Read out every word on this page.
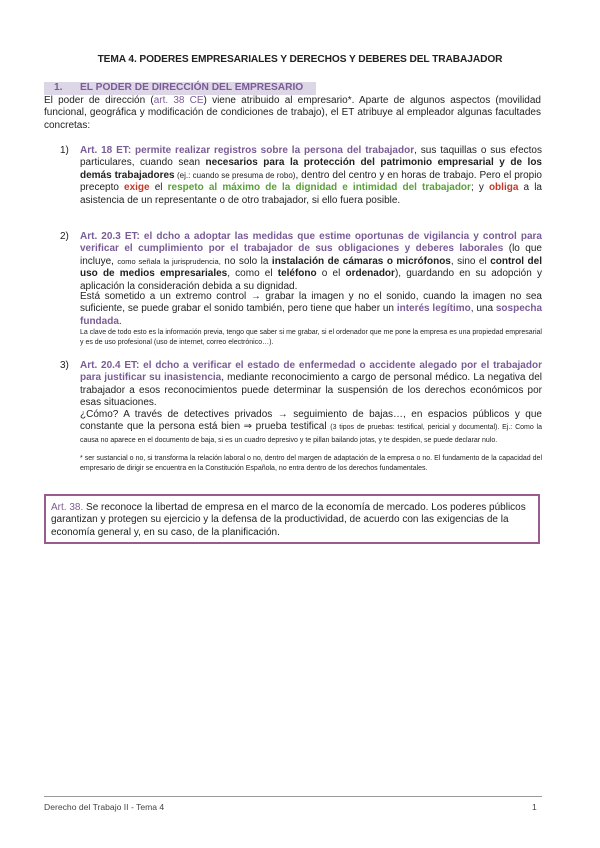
TEMA 4. PODERES EMPRESARIALES Y DERECHOS Y DEBERES DEL TRABAJADOR
1. EL PODER DE DIRECCIÓN DEL EMPRESARIO
El poder de dirección (art. 38 CE) viene atribuido al empresario*. Aparte de algunos aspectos (movilidad funcional, geográfica y modificación de condiciones de trabajo), el ET atribuye al empleador algunas facultades concretas:
1) Art. 18 ET: permite realizar registros sobre la persona del trabajador, sus taquillas o sus efectos particulares, cuando sean necesarios para la protección del patrimonio empresarial y de los demás trabajadores (ej.: cuando se presuma de robo), dentro del centro y en horas de trabajo. Pero el propio precepto exige el respeto al máximo de la dignidad e intimidad del trabajador; y obliga a la asistencia de un representante o de otro trabajador, si ello fuera posible.
2) Art. 20.3 ET: el dcho a adoptar las medidas que estime oportunas de vigilancia y control para verificar el cumplimiento por el trabajador de sus obligaciones y deberes laborales (lo que incluye, como señala la jurisprudencia, no solo la instalación de cámaras o micrófonos, sino el control del uso de medios empresariales, como el teléfono o el ordenador), guardando en su adopción y aplicación la consideración debida a su dignidad.
Está sometido a un extremo control → grabar la imagen y no el sonido, cuando la imagen no sea suficiente, se puede grabar el sonido también, pero tiene que haber un interés legítimo, una sospecha fundada.
La clave de todo esto es la información previa, tengo que saber si me grabar, si el ordenador que me pone la empresa es una propiedad empresarial y es de uso profesional (uso de internet, correo electrónico…).
3) Art. 20.4 ET: el dcho a verificar el estado de enfermedad o accidente alegado por el trabajador para justificar su inasistencia, mediante reconocimiento a cargo de personal médico. La negativa del trabajador a esos reconocimientos puede determinar la suspensión de los derechos económicos por esas situaciones.
¿Cómo? A través de detectives privados → seguimiento de bajas…, en espacios públicos y que constante que la persona está bien ⇒ prueba testifical (3 tipos de pruebas: testifical, pericial y documental). Ej.: Como la causa no aparece en el documento de baja, si es un cuadro depresivo y te pillan bailando jotas, y te despiden, se puede declarar nulo.
* ser sustancial o no, si transforma la relación laboral o no, dentro del margen de adaptación de la empresa o no. El fundamento de la capacidad del empresario de dirigir se encuentra en la Constitución Española, no entra dentro de los derechos fundamentales.
Art. 38. Se reconoce la libertad de empresa en el marco de la economía de mercado. Los poderes públicos garantizan y protegen su ejercicio y la defensa de la productividad, de acuerdo con las exigencias de la economía general y, en su caso, de la planificación.
Derecho del Trabajo II - Tema 4	1
